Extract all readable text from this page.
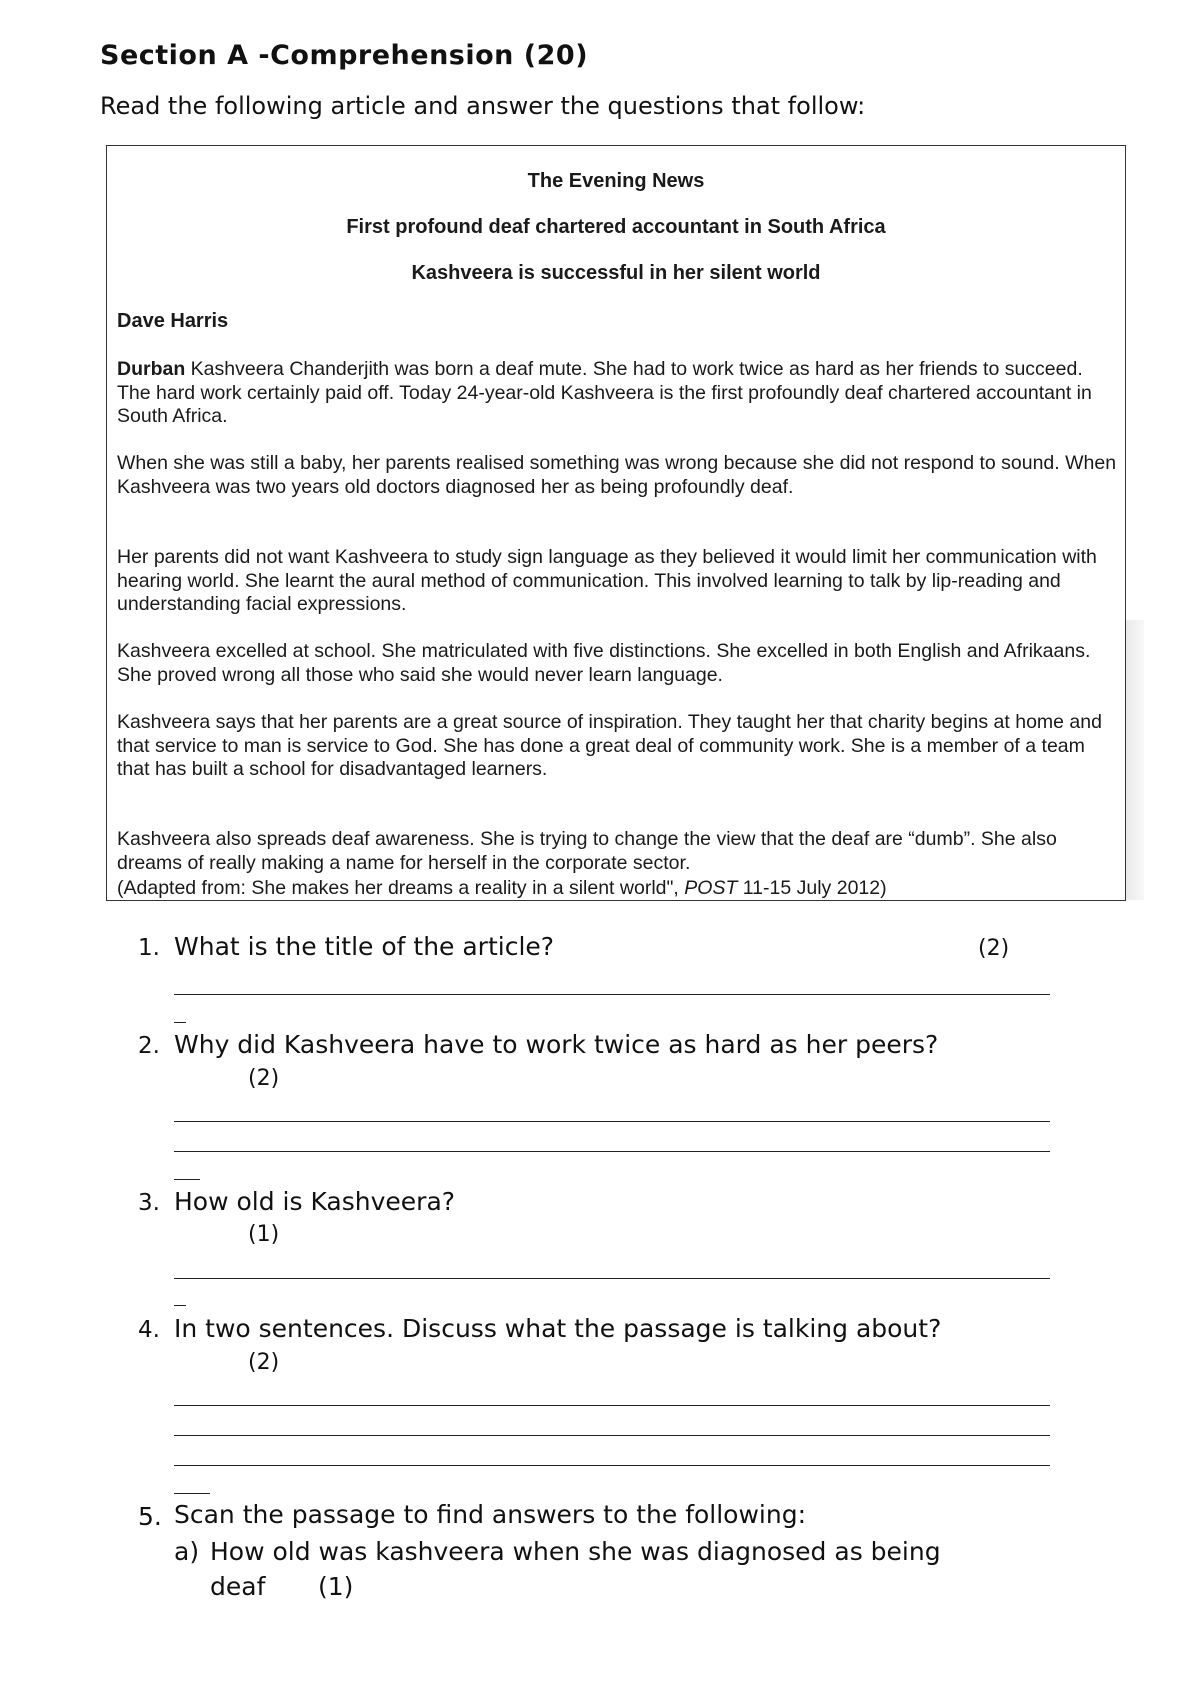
Section A -Comprehension (20)
Read the following article and answer the questions that follow:
The Evening News
First profound deaf chartered accountant in South Africa
Kashveera is successful in her silent world
Dave Harris
Durban Kashveera Chanderjith was born a deaf mute. She had to work twice as hard as her friends to succeed. The hard work certainly paid off. Today 24-year-old Kashveera is the first profoundly deaf chartered accountant in South Africa.
When she was still a baby, her parents realised something was wrong because she did not respond to sound. When Kashveera was two years old doctors diagnosed her as being profoundly deaf.
Her parents did not want Kashveera to study sign language as they believed it would limit her communication with hearing world. She learnt the aural method of communication. This involved learning to talk by lip-reading and understanding facial expressions.
Kashveera excelled at school. She matriculated with five distinctions. She excelled in both English and Afrikaans. She proved wrong all those who said she would never learn language.
Kashveera says that her parents are a great source of inspiration. They taught her that charity begins at home and that service to man is service to God. She has done a great deal of community work. She is a member of a team that has built a school for disadvantaged learners.
Kashveera also spreads deaf awareness. She is trying to change the view that the deaf are “dumb”. She also dreams of really making a name for herself in the corporate sector.
(Adapted from: She makes her dreams a reality in a silent world", POST 11-15 July 2012)
1. What is the title of the article?	(2)
2. Why did Kashveera have to work twice as hard as her peers?
(2)
3. How old is Kashveera?
(1)
4. In two sentences. Discuss what the passage is talking about?
(2)
5. Scan the passage to find answers to the following:
a) How old was kashveera when she was diagnosed as being
deaf (1)
